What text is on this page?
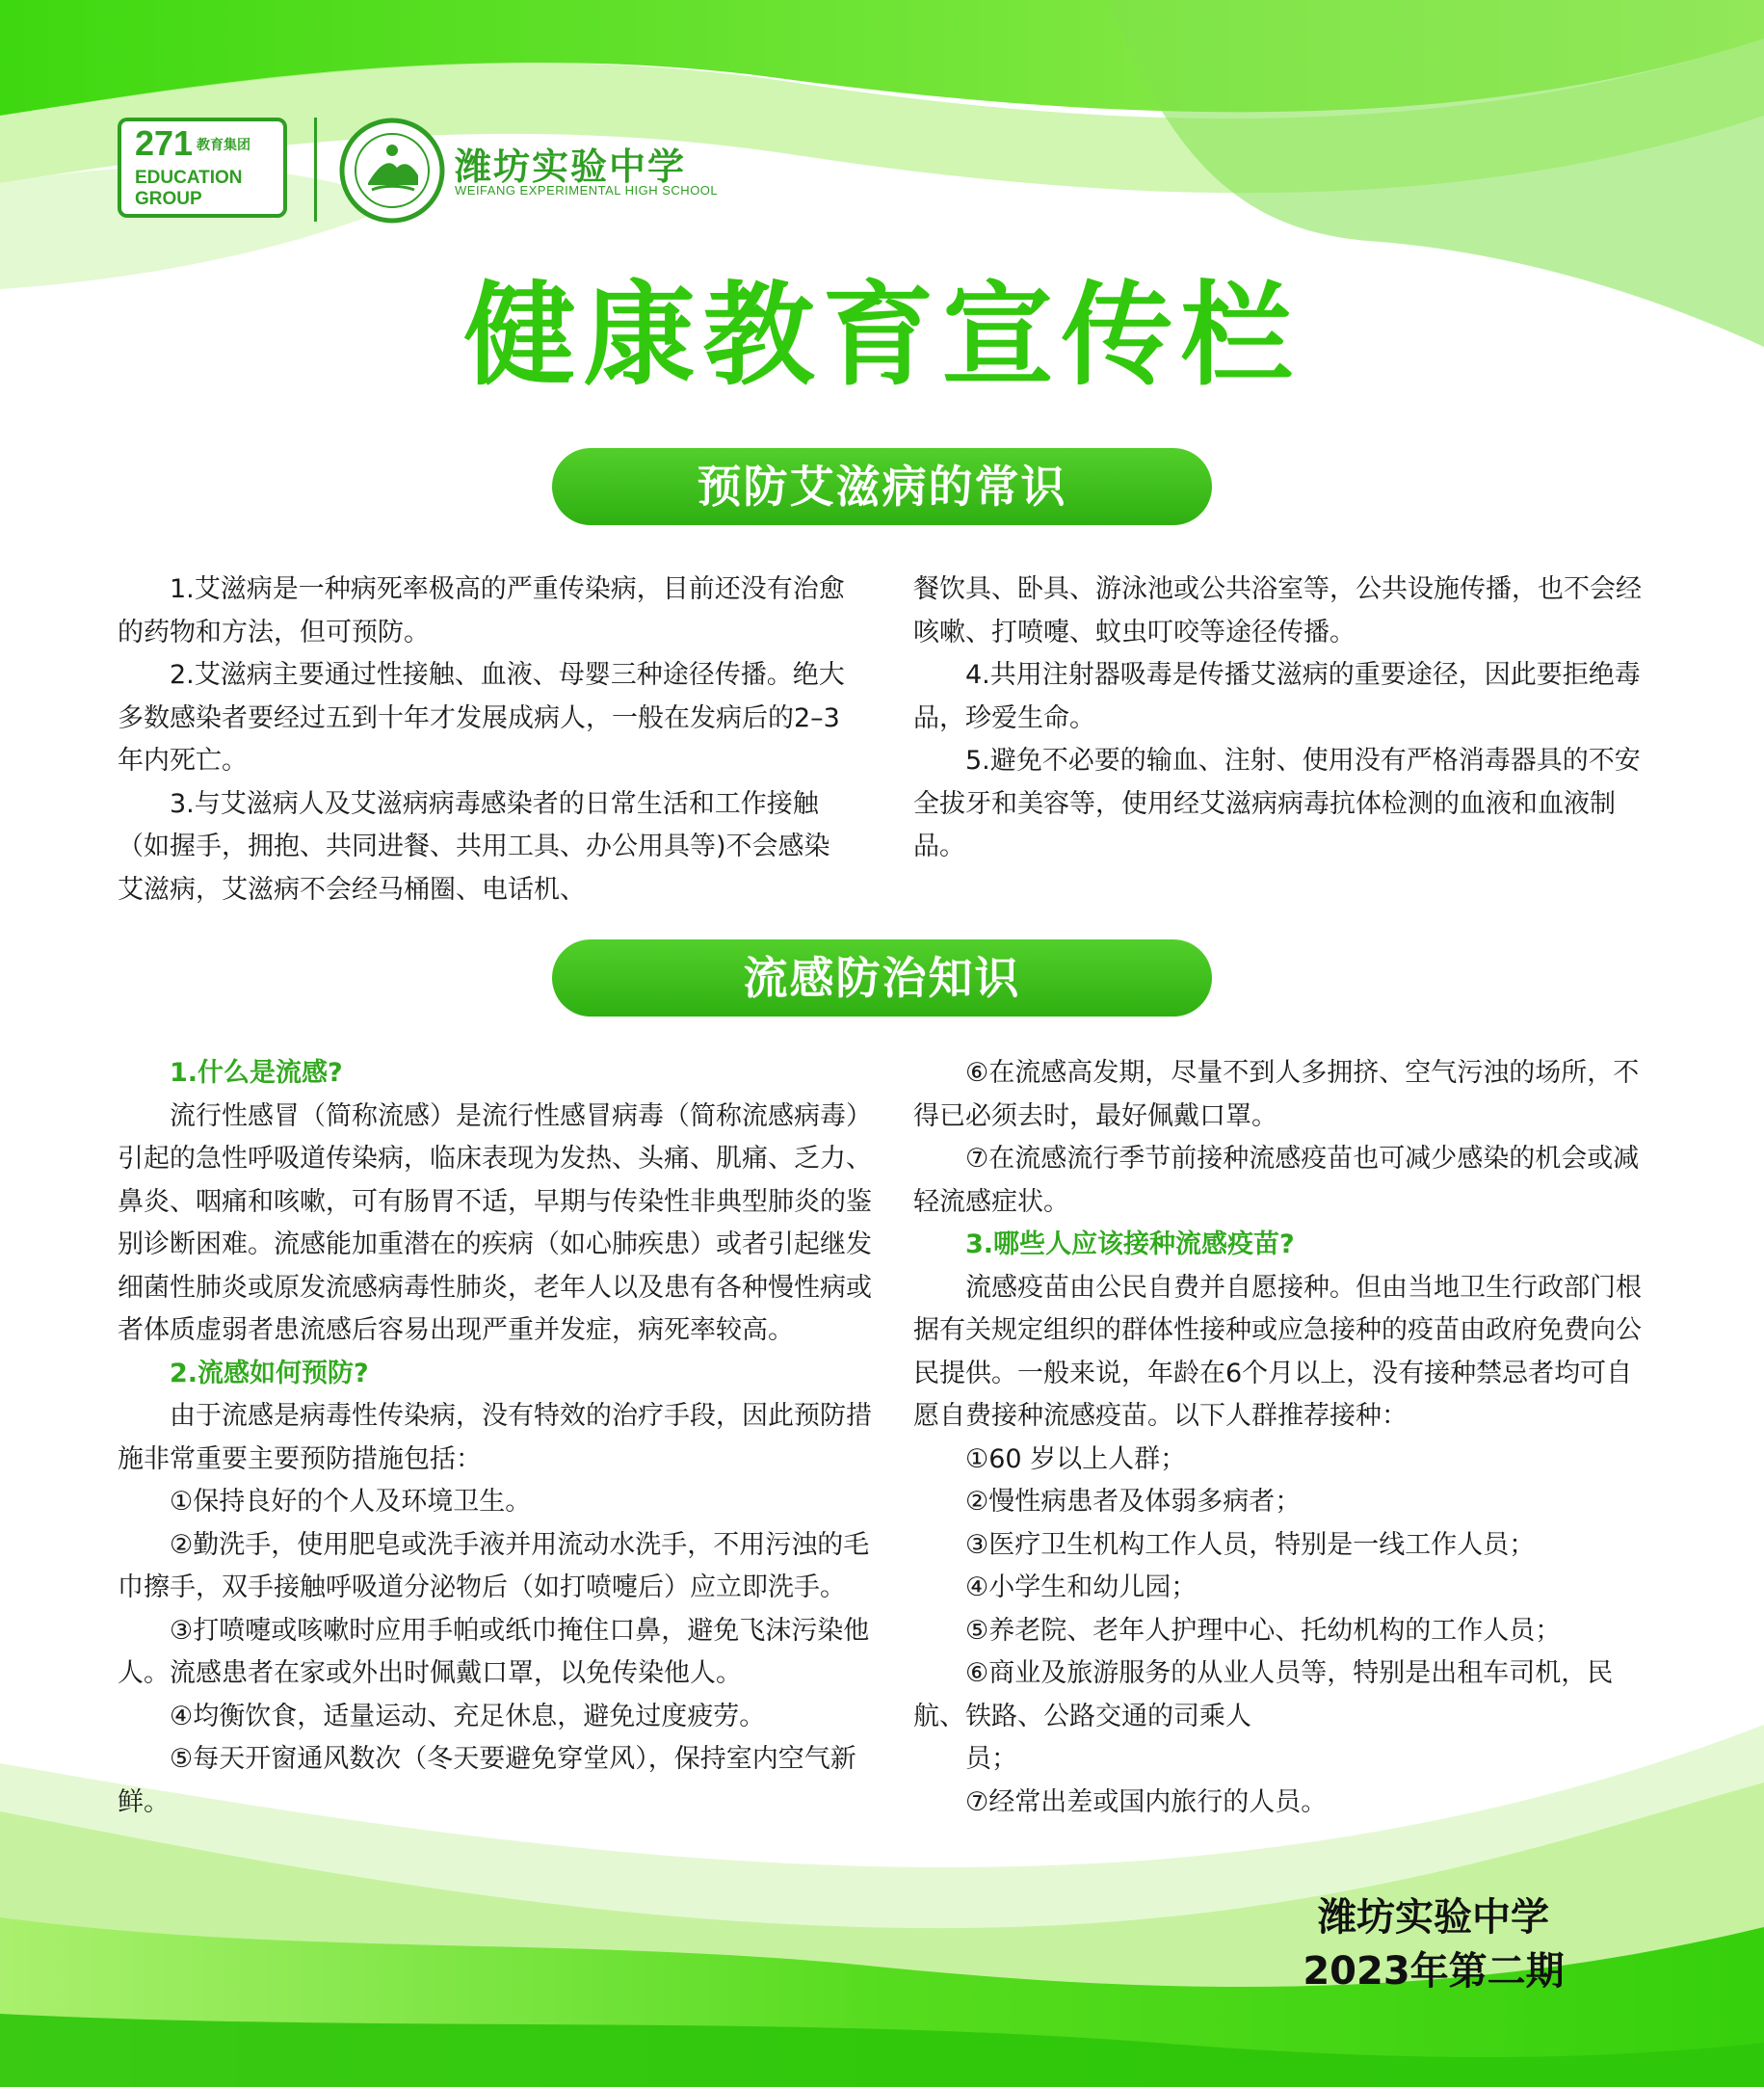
271 教育集团
EDUCATION
GROUP
潍坊实验中学
WEIFANG EXPERIMENTAL HIGH SCHOOL
健康教育宣传栏
预防艾滋病的常识

1.艾滋病是一种病死率极高的严重传染病，目前还没有治愈的药物和方法，但可预防。

2.艾滋病主要通过性接触、血液、母婴三种途径传播。绝大多数感染者要经过五到十年才发展成病人，一般在发病后的2–3年内死亡。

3.与艾滋病人及艾滋病病毒感染者的日常生活和工作接触（如握手，拥抱、共同进餐、共用工具、办公用具等)不会感染艾滋病，艾滋病不会经马桶圈、电话机、

餐饮具、卧具、游泳池或公共浴室等，公共设施传播，也不会经咳嗽、打喷嚏、蚊虫叮咬等途径传播。

4.共用注射器吸毒是传播艾滋病的重要途径，因此要拒绝毒品，珍爱生命。

5.避免不必要的输血、注射、使用没有严格消毒器具的不安全拔牙和美容等，使用经艾滋病病毒抗体检测的血液和血液制品。

流感防治知识

1.什么是流感?

流行性感冒（简称流感）是流行性感冒病毒（简称流感病毒）引起的急性呼吸道传染病，临床表现为发热、头痛、肌痛、乏力、鼻炎、咽痛和咳嗽，可有肠胃不适，早期与传染性非典型肺炎的鉴别诊断困难。流感能加重潜在的疾病（如心肺疾患）或者引起继发细菌性肺炎或原发流感病毒性肺炎，老年人以及患有各种慢性病或者体质虚弱者患流感后容易出现严重并发症，病死率较高。

2.流感如何预防?

由于流感是病毒性传染病，没有特效的治疗手段，因此预防措施非常重要主要预防措施包括：

①保持良好的个人及环境卫生。

②勤洗手，使用肥皂或洗手液并用流动水洗手，不用污浊的毛巾擦手，双手接触呼吸道分泌物后（如打喷嚏后）应立即洗手。

③打喷嚏或咳嗽时应用手帕或纸巾掩住口鼻，避免飞沫污染他人。流感患者在家或外出时佩戴口罩，以免传染他人。

④均衡饮食，适量运动、充足休息，避免过度疲劳。

⑤每天开窗通风数次（冬天要避免穿堂风），保持室内空气新鲜。

⑥在流感高发期，尽量不到人多拥挤、空气污浊的场所，不得已必须去时，最好佩戴口罩。

⑦在流感流行季节前接种流感疫苗也可减少感染的机会或减轻流感症状。

3.哪些人应该接种流感疫苗?

流感疫苗由公民自费并自愿接种。但由当地卫生行政部门根据有关规定组织的群体性接种或应急接种的疫苗由政府免费向公民提供。一般来说，年龄在6个月以上，没有接种禁忌者均可自愿自费接种流感疫苗。以下人群推荐接种：

①60 岁以上人群；

②慢性病患者及体弱多病者；

③医疗卫生机构工作人员，特别是一线工作人员；

④小学生和幼儿园；

⑤养老院、老年人护理中心、托幼机构的工作人员；

⑥商业及旅游服务的从业人员等，特别是出租车司机，民航、铁路、公路交通的司乘人

员；

⑦经常出差或国内旅行的人员。

潍坊实验中学
2023年第二期
